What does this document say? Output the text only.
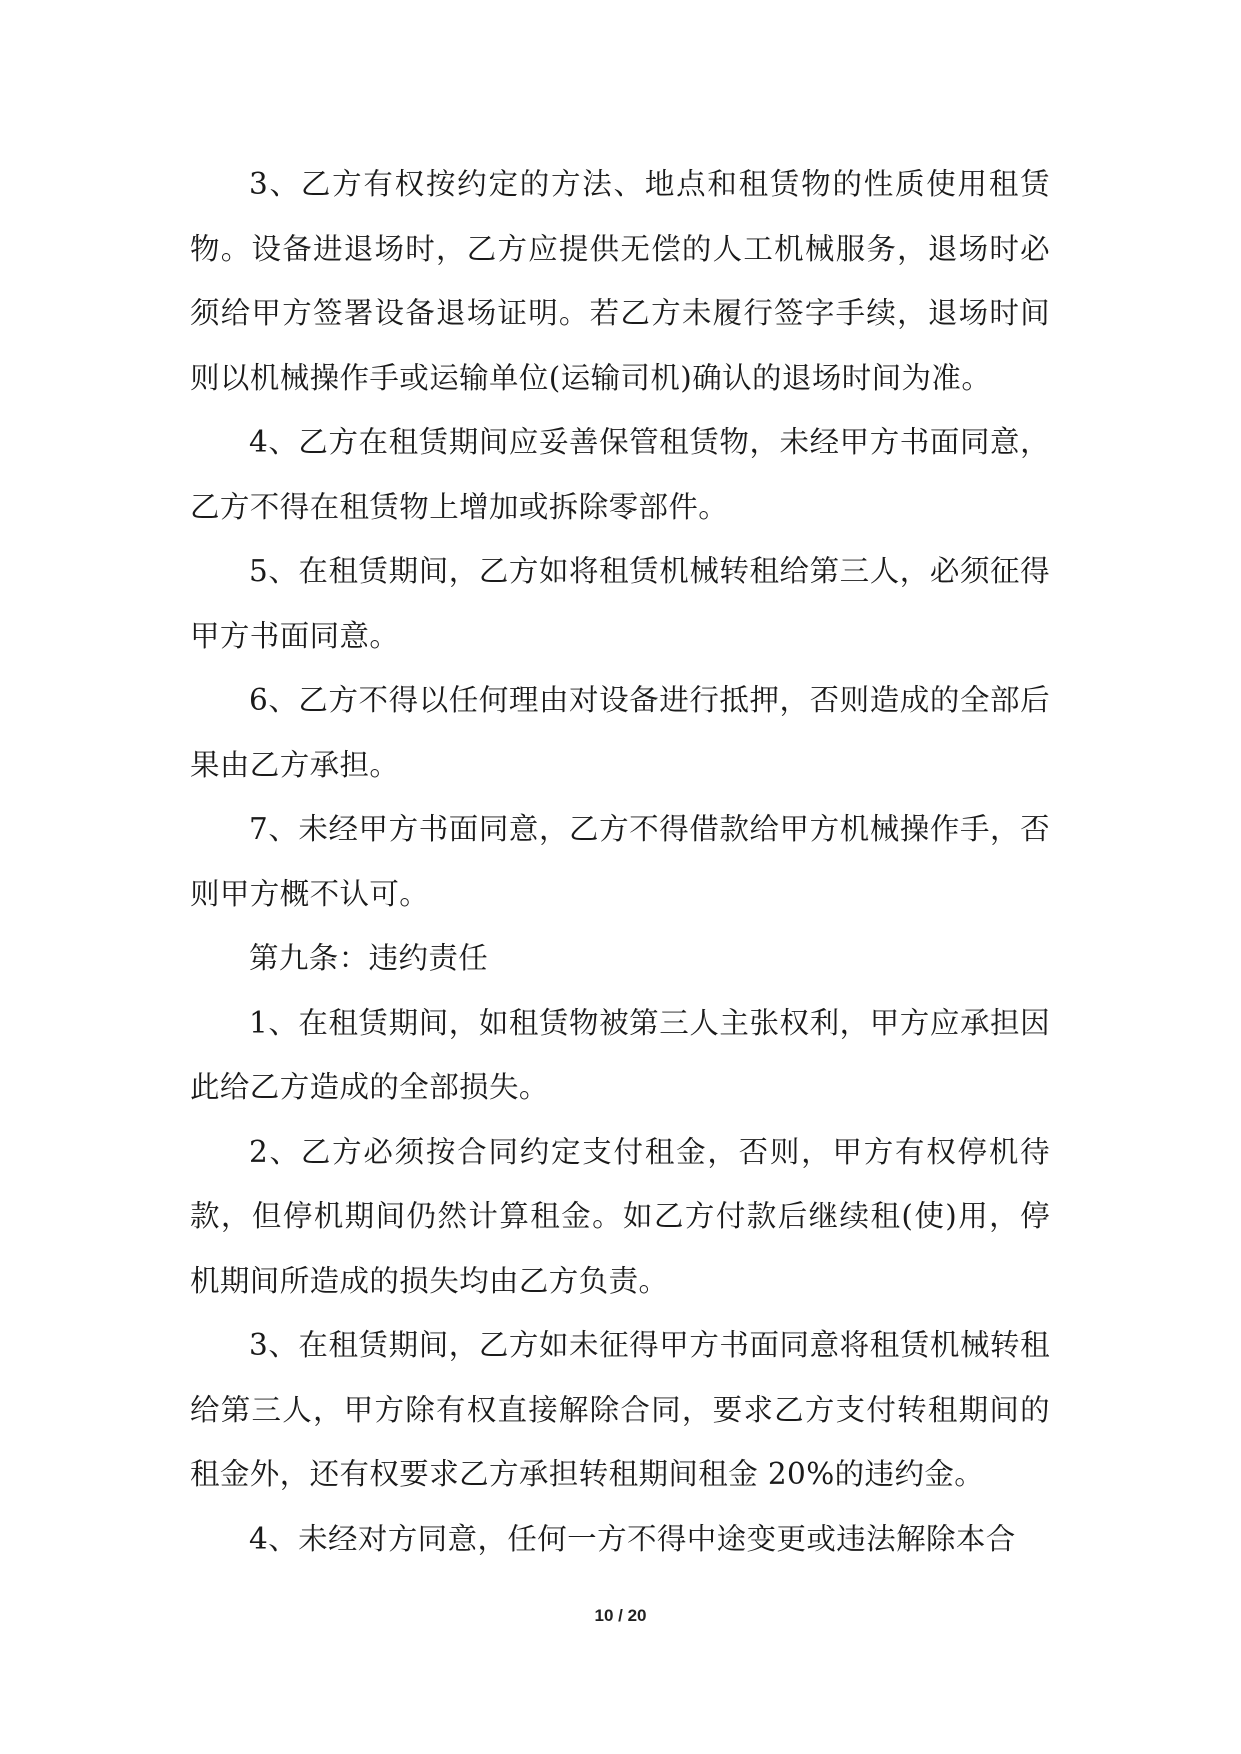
3、乙方有权按约定的方法、地点和租赁物的性质使用租赁物。设备进退场时，乙方应提供无偿的人工机械服务，退场时必须给甲方签署设备退场证明。若乙方未履行签字手续，退场时间则以机械操作手或运输单位(运输司机)确认的退场时间为准。

4、乙方在租赁期间应妥善保管租赁物，未经甲方书面同意，乙方不得在租赁物上增加或拆除零部件。

5、在租赁期间，乙方如将租赁机械转租给第三人，必须征得甲方书面同意。

6、乙方不得以任何理由对设备进行抵押，否则造成的全部后果由乙方承担。

7、未经甲方书面同意，乙方不得借款给甲方机械操作手，否则甲方概不认可。

第九条：违约责任

1、在租赁期间，如租赁物被第三人主张权利，甲方应承担因此给乙方造成的全部损失。

2、乙方必须按合同约定支付租金，否则，甲方有权停机待款，但停机期间仍然计算租金。如乙方付款后继续租(使)用，停机期间所造成的损失均由乙方负责。

3、在租赁期间，乙方如未征得甲方书面同意将租赁机械转租给第三人，甲方除有权直接解除合同，要求乙方支付转租期间的租金外，还有权要求乙方承担转租期间租金 20%的违约金。

4、未经对方同意，任何一方不得中途变更或违法解除本合

10 / 20
